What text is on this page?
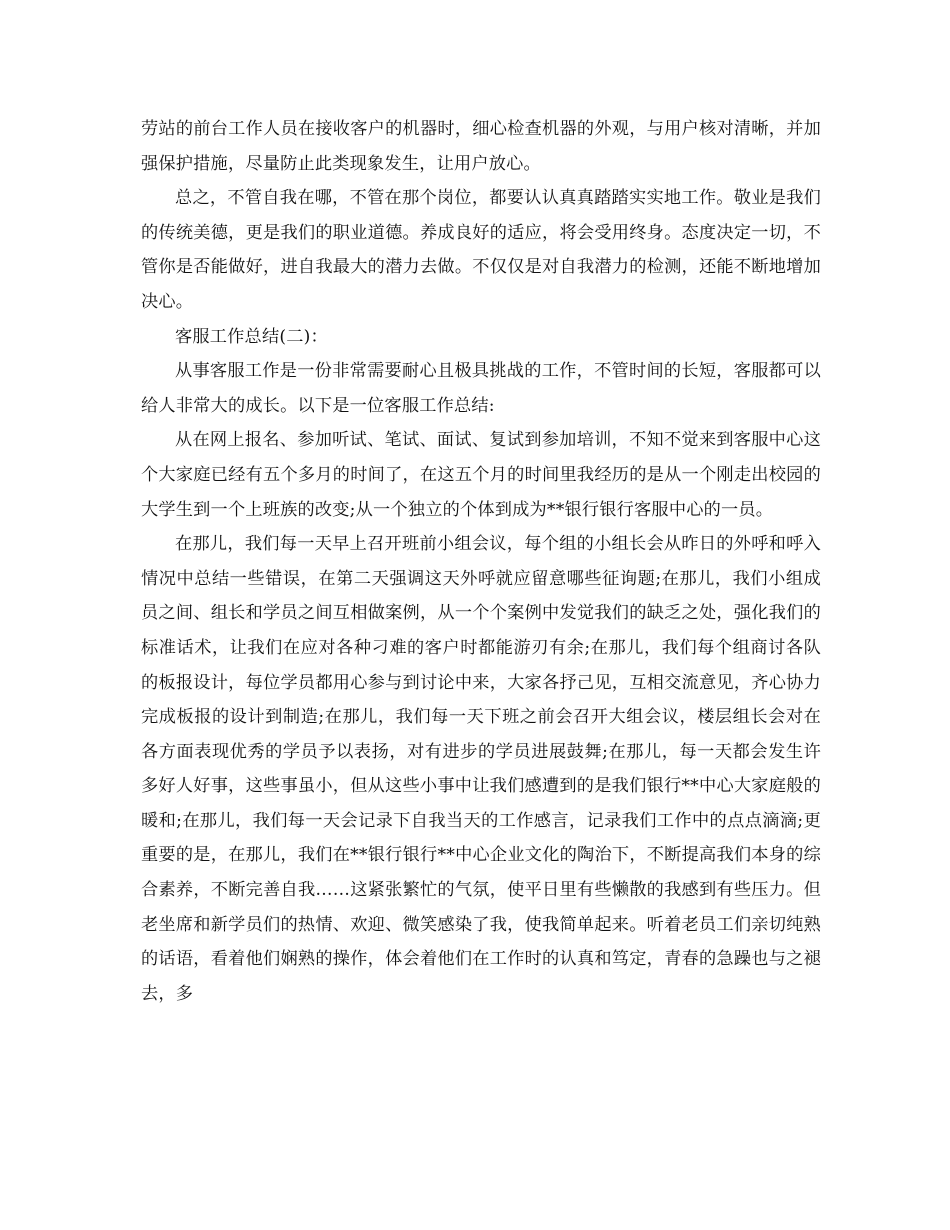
劳站的前台工作人员在接收客户的机器时，细心检查机器的外观，与用户核对清晰，并加强保护措施，尽量防止此类现象发生，让用户放心。

总之，不管自我在哪，不管在那个岗位，都要认认真真踏踏实实地工作。敬业是我们的传统美德，更是我们的职业道德。养成良好的适应，将会受用终身。态度决定一切，不管你是否能做好，进自我最大的潜力去做。不仅仅是对自我潜力的检测，还能不断地增加决心。

客服工作总结(二)：

从事客服工作是一份非常需要耐心且极具挑战的工作，不管时间的长短，客服都可以给人非常大的成长。以下是一位客服工作总结:

从在网上报名、参加听试、笔试、面试、复试到参加培训，不知不觉来到客服中心这个大家庭已经有五个多月的时间了，在这五个月的时间里我经历的是从一个刚走出校园的大学生到一个上班族的改变;从一个独立的个体到成为**银行银行客服中心的一员。

在那儿，我们每一天早上召开班前小组会议，每个组的小组长会从昨日的外呼和呼入情况中总结一些错误，在第二天强调这天外呼就应留意哪些征询题;在那儿，我们小组成员之间、组长和学员之间互相做案例，从一个个案例中发觉我们的缺乏之处，强化我们的标准话术，让我们在应对各种刁难的客户时都能游刃有余;在那儿，我们每个组商讨各队的板报设计，每位学员都用心参与到讨论中来，大家各抒己见，互相交流意见，齐心协力完成板报的设计到制造;在那儿，我们每一天下班之前会召开大组会议，楼层组长会对在各方面表现优秀的学员予以表扬，对有进步的学员进展鼓舞;在那儿，每一天都会发生许多好人好事，这些事虽小，但从这些小事中让我们感遭到的是我们银行**中心大家庭般的暖和;在那儿，我们每一天会记录下自我当天的工作感言，记录我们工作中的点点滴滴;更重要的是，在那儿，我们在**银行银行**中心企业文化的陶治下，不断提高我们本身的综合素养，不断完善自我……这紧张繁忙的气氛，使平日里有些懒散的我感到有些压力。但老坐席和新学员们的热情、欢迎、微笑感染了我，使我简单起来。听着老员工们亲切纯熟的话语，看着他们娴熟的操作，体会着他们在工作时的认真和笃定，青春的急躁也与之褪去，多
